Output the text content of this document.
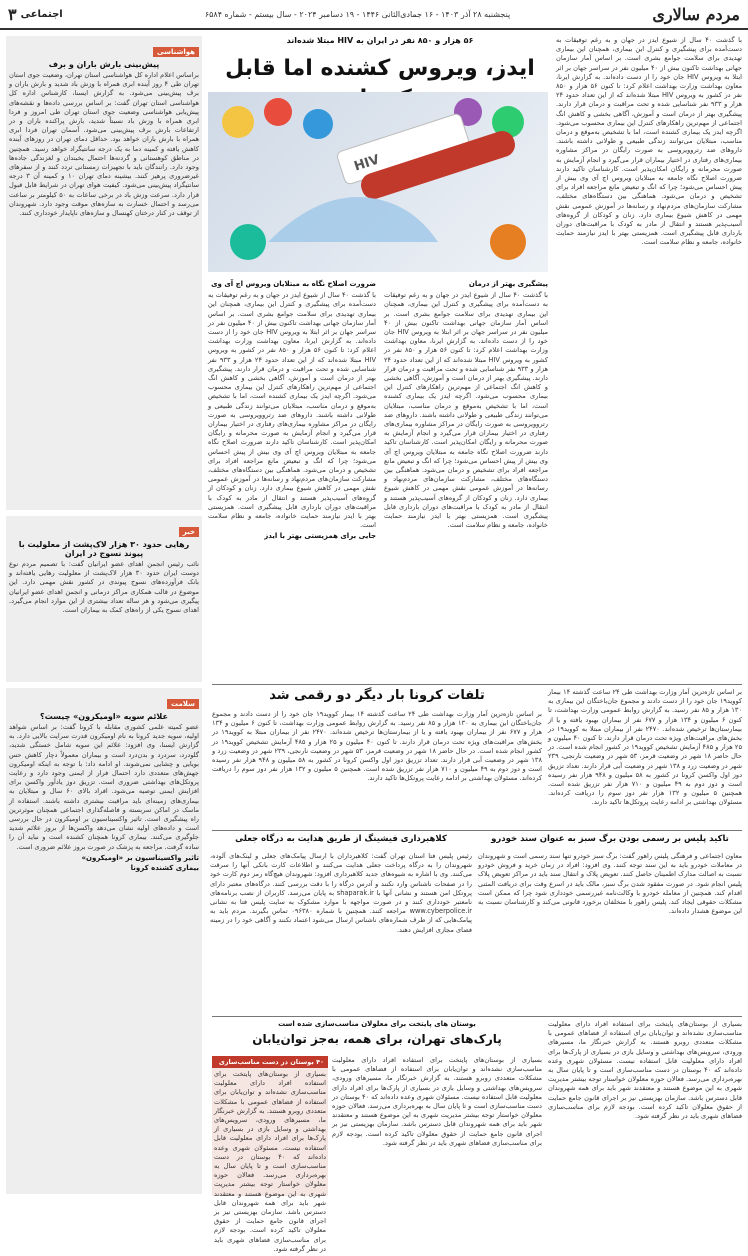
مردم سالاری
پنجشنبه ۲۸ آذر ۱۴۰۳ - ۱۶ جمادی‌الثانی ۱۴۴۶ - ۱۹ دسامبر ۲۰۲۴ - سال بیستم - شماره ۶۵۸۴
اجتماعی
۳
۵۶ هزار و ۸۵۰ نفر در ایران به HIV مبتلا شده‌اند
ایدز، ویروس کشنده اما قابل
HIV
با گذشت ۴۰ سال از شیوع ایدز در جهان و به رغم توفیقات به دست‌آمده برای پیشگیری و کنترل این بیماری، همچنان این بیماری تهدیدی برای سلامت جوامع بشری است. بر اساس آمار سازمان جهانی بهداشت تاکنون بیش از ۴۰ میلیون نفر در سراسر جهان بر اثر ابتلا به ویروس HIV جان خود را از دست داده‌اند. به گزارش ایرنا، معاون بهداشت وزارت بهداشت اعلام کرد: تا کنون ۵۶ هزار و ۸۵۰ نفر در کشور به ویروس HIV مبتلا شده‌اند که از این تعداد حدود ۲۴ هزار و ۹۳۳ نفر شناسایی شده و تحت مراقبت و درمان قرار دارند. پیشگیری بهتر از درمان است و آموزش، آگاهی بخشی و کاهش انگ اجتماعی از مهم‌ترین راهکارهای کنترل این بیماری محسوب می‌شود. اگرچه ایدز یک بیماری کشنده است، اما با تشخیص به‌موقع و درمان مناسب، مبتلایان می‌توانند زندگی طبیعی و طولانی داشته باشند. داروهای ضد رتروویروسی به صورت رایگان در مراکز مشاوره بیماری‌های رفتاری در اختیار بیماران قرار می‌گیرد و انجام آزمایش به صورت محرمانه و رایگان امکان‌پذیر است. کارشناسان تاکید دارند ضرورت اصلاح نگاه جامعه به مبتلایان ویروس اچ آی وی بیش از پیش احساس می‌شود؛ چرا که انگ و تبعیض مانع مراجعه افراد برای تشخیص و درمان می‌شود. هماهنگی بین دستگاه‌های مختلف، مشارکت سازمان‌های مردم‌نهاد و رسانه‌ها در آموزش عمومی نقش مهمی در کاهش شیوع بیماری دارد. زنان و کودکان از گروه‌های آسیب‌پذیر هستند و انتقال از مادر به کودک با مراقبت‌های دوران بارداری قابل پیشگیری است. همزیستی بهتر با ایدز نیازمند حمایت خانواده، جامعه و نظام سلامت است.
پیشگیری بهتر از درمان
با گذشت ۴۰ سال از شیوع ایدز در جهان و به رغم توفیقات به دست‌آمده برای پیشگیری و کنترل این بیماری، همچنان این بیماری تهدیدی برای سلامت جوامع بشری است. بر اساس آمار سازمان جهانی بهداشت تاکنون بیش از ۴۰ میلیون نفر در سراسر جهان بر اثر ابتلا به ویروس HIV جان خود را از دست داده‌اند. به گزارش ایرنا، معاون بهداشت وزارت بهداشت اعلام کرد: تا کنون ۵۶ هزار و ۸۵۰ نفر در کشور به ویروس HIV مبتلا شده‌اند که از این تعداد حدود ۲۴ هزار و ۹۳۳ نفر شناسایی شده و تحت مراقبت و درمان قرار دارند. پیشگیری بهتر از درمان است و آموزش، آگاهی بخشی و کاهش انگ اجتماعی از مهم‌ترین راهکارهای کنترل این بیماری محسوب می‌شود. اگرچه ایدز یک بیماری کشنده است، اما با تشخیص به‌موقع و درمان مناسب، مبتلایان می‌توانند زندگی طبیعی و طولانی داشته باشند. داروهای ضد رتروویروسی به صورت رایگان در مراکز مشاوره بیماری‌های رفتاری در اختیار بیماران قرار می‌گیرد و انجام آزمایش به صورت محرمانه و رایگان امکان‌پذیر است. کارشناسان تاکید دارند ضرورت اصلاح نگاه جامعه به مبتلایان ویروس اچ آی وی بیش از پیش احساس می‌شود؛ چرا که انگ و تبعیض مانع مراجعه افراد برای تشخیص و درمان می‌شود. هماهنگی بین دستگاه‌های مختلف، مشارکت سازمان‌های مردم‌نهاد و رسانه‌ها در آموزش عمومی نقش مهمی در کاهش شیوع بیماری دارد. زنان و کودکان از گروه‌های آسیب‌پذیر هستند و انتقال از مادر به کودک با مراقبت‌های دوران بارداری قابل پیشگیری است. همزیستی بهتر با ایدز نیازمند حمایت خانواده، جامعه و نظام سلامت است.
ضرورت اصلاح نگاه به مبتلایان ویروس اچ آی وی
با گذشت ۴۰ سال از شیوع ایدز در جهان و به رغم توفیقات به دست‌آمده برای پیشگیری و کنترل این بیماری، همچنان این بیماری تهدیدی برای سلامت جوامع بشری است. بر اساس آمار سازمان جهانی بهداشت تاکنون بیش از ۴۰ میلیون نفر در سراسر جهان بر اثر ابتلا به ویروس HIV جان خود را از دست داده‌اند. به گزارش ایرنا، معاون بهداشت وزارت بهداشت اعلام کرد: تا کنون ۵۶ هزار و ۸۵۰ نفر در کشور به ویروس HIV مبتلا شده‌اند که از این تعداد حدود ۲۴ هزار و ۹۳۳ نفر شناسایی شده و تحت مراقبت و درمان قرار دارند. پیشگیری بهتر از درمان است و آموزش، آگاهی بخشی و کاهش انگ اجتماعی از مهم‌ترین راهکارهای کنترل این بیماری محسوب می‌شود. اگرچه ایدز یک بیماری کشنده است، اما با تشخیص به‌موقع و درمان مناسب، مبتلایان می‌توانند زندگی طبیعی و طولانی داشته باشند. داروهای ضد رتروویروسی به صورت رایگان در مراکز مشاوره بیماری‌های رفتاری در اختیار بیماران قرار می‌گیرد و انجام آزمایش به صورت محرمانه و رایگان امکان‌پذیر است. کارشناسان تاکید دارند ضرورت اصلاح نگاه جامعه به مبتلایان ویروس اچ آی وی بیش از پیش احساس می‌شود؛ چرا که انگ و تبعیض مانع مراجعه افراد برای تشخیص و درمان می‌شود. هماهنگی بین دستگاه‌های مختلف، مشارکت سازمان‌های مردم‌نهاد و رسانه‌ها در آموزش عمومی نقش مهمی در کاهش شیوع بیماری دارد. زنان و کودکان از گروه‌های آسیب‌پذیر هستند و انتقال از مادر به کودک با مراقبت‌های دوران بارداری قابل پیشگیری است. همزیستی بهتر با ایدز نیازمند حمایت خانواده، جامعه و نظام سلامت است.
جایی برای همزیستی بهتر با ایدز
هواشناسی
پیش‌بینی بارش باران و برف
براساس اعلام اداره کل هواشناسی استان تهران، وضعیت جوی استان تهران طی ۴ روز آینده ابری همراه با وزش باد شدید و بارش باران و برف پیش‌بینی می‌شود. به گزارش ایسنا، کارشناس اداره کل هواشناسی استان تهران گفت: بر اساس بررسی داده‌ها و نقشه‌های پیش‌یابی هواشناسی وضعیت جوی استان تهران طی امروز و فردا ابری همراه با وزش باد نسبتاً شدید، بارش پراکنده باران و در ارتفاعات بارش برف پیش‌بینی می‌شود. آسمان تهران فردا ابری همراه با بارش باران خواهد بود. حداقل دمای تهران در روزهای آینده کاهش یافته و کمینه دما به یک درجه سانتیگراد خواهد رسید. همچنین در مناطق کوهستانی و گردنه‌ها احتمال یخبندان و لغزندگی جاده‌ها وجود دارد. رانندگان باید با تجهیزات زمستانی تردد کنند و از سفرهای غیرضروری پرهیز کنند. بیشینه دمای تهران ۱۰ و کمینه آن ۳ درجه سانتیگراد پیش‌بینی می‌شود. کیفیت هوای تهران در شرایط قابل قبول قرار دارد. سرعت وزش باد در برخی ساعات به ۵۰ کیلومتر بر ساعت می‌رسد و احتمال خسارت به سازه‌های موقت وجود دارد. شهروندان از توقف در کنار درختان کهنسال و سازه‌های ناپایدار خودداری کنند.
خبر
رهایی حدود ۳۰ هزار لاک‌پشت از معلولیت با پیوند نسوج در ایران
نائب رئیس انجمن اهدای عضو ایرانیان گفت: با تصمیم مردم نوع دوست ایران حدود ۳۰ هزار لاک‌پشت از معلولیت رهایی یافته‌اند و بانک فرآورده‌های نسوج پیوندی در کشور نقش مهمی دارد. این موضوع در قالب همکاری مراکز درمانی و انجمن اهدای عضو ایرانیان پیگیری می‌شود و هر ساله تعداد بیشتری از این موارد انجام می‌گیرد. اهدای نسوج یکی از راه‌های کمک به بیماران است.
سلامت
علائم سویه «اومیکرون» چیست؟
عضو کمیته علمی کشوری مقابله با کرونا گفت: بر اساس شواهد اولیه، سویه جدید کرونا به نام اومیکرون قدرت سرایت بالایی دارد. به گزارش ایسنا، وی افزود: علائم این سویه شامل خستگی شدید، گلودرد، سردرد و بدن‌درد است و بیماران معمولاً دچار کاهش حس بویایی و چشایی نمی‌شوند. او ادامه داد: با توجه به اینکه اومیکرون جهش‌های متعددی دارد احتمال فرار از ایمنی وجود دارد و رعایت پروتکل‌های بهداشتی ضروری است. تزریق دوز یادآور واکسن برای افزایش ایمنی توصیه می‌شود. افراد بالای ۶۰ سال و مبتلایان به بیماری‌های زمینه‌ای باید مراقبت بیشتری داشته باشند. استفاده از ماسک در اماکن سربسته و فاصله‌گذاری اجتماعی همچنان موثرترین راه پیشگیری است. تاثیر واکسیناسیون بر اومیکرون در حال بررسی است و داده‌های اولیه نشان می‌دهد واکسن‌ها از بروز علائم شدید جلوگیری می‌کنند. بیماری کرونا همچنان کشنده است و نباید آن را ساده گرفت. مراجعه به پزشک در صورت بروز علائم ضروری است.
تاثیر واکسیناسیون بر «اومیکرون»
بیماری کشنده کرونا
تلفات کرونا بار دیگر دو رقمی شد
بر اساس تازه‌ترین آمار وزارت بهداشت طی ۲۴ ساعت گذشته ۱۴ بیمار کووید۱۹ جان خود را از دست دادند و مجموع جان‌باختگان این بیماری به ۱۳۰ هزار و ۸۵ نفر رسید. به گزارش روابط عمومی وزارت بهداشت، تا کنون ۶ میلیون و ۱۳۴ هزار و ۶۷۷ نفر از بیماران بهبود یافته و یا از بیمارستان‌ها ترخیص شده‌اند. ۲۴۷۰ نفر از بیماران مبتلا به کووید۱۹ در بخش‌های مراقبت‌های ویژه تحت درمان قرار دارند. تا کنون ۴۰ میلیون و ۲۵ هزار و ۴۸۵ آزمایش تشخیص کووید۱۹ در کشور انجام شده است. در حال حاضر ۱۸ شهر در وضعیت قرمز، ۵۳ شهر در وضعیت نارنجی، ۲۳۹ شهر در وضعیت زرد و ۱۳۸ شهر در وضعیت آبی قرار دارند. تعداد تزریق دوز اول واکسن کرونا در کشور به ۵۸ میلیون و ۹۴۸ هزار نفر رسیده است و دوز دوم به ۴۹ میلیون و ۷۱۰ هزار نفر تزریق شده است. همچنین ۵ میلیون و ۱۳۲ هزار نفر دوز سوم را دریافت کرده‌اند. مسئولان بهداشتی بر ادامه رعایت پروتکل‌ها تاکید دارند.
بر اساس تازه‌ترین آمار وزارت بهداشت طی ۲۴ ساعت گذشته ۱۴ بیمار کووید۱۹ جان خود را از دست دادند و مجموع جان‌باختگان این بیماری به ۱۳۰ هزار و ۸۵ نفر رسید. به گزارش روابط عمومی وزارت بهداشت، تا کنون ۶ میلیون و ۱۳۴ هزار و ۶۷۷ نفر از بیماران بهبود یافته و یا از بیمارستان‌ها ترخیص شده‌اند. ۲۴۷۰ نفر از بیماران مبتلا به کووید۱۹ در بخش‌های مراقبت‌های ویژه تحت درمان قرار دارند. تا کنون ۴۰ میلیون و ۲۵ هزار و ۴۸۵ آزمایش تشخیص کووید۱۹ در کشور انجام شده است. در حال حاضر ۱۸ شهر در وضعیت قرمز، ۵۳ شهر در وضعیت نارنجی، ۲۳۹ شهر در وضعیت زرد و ۱۳۸ شهر در وضعیت آبی قرار دارند. تعداد تزریق دوز اول واکسن کرونا در کشور به ۵۸ میلیون و ۹۴۸ هزار نفر رسیده است و دوز دوم به ۴۹ میلیون و ۷۱۰ هزار نفر تزریق شده است. همچنین ۵ میلیون و ۱۳۲ هزار نفر دوز سوم را دریافت کرده‌اند. مسئولان بهداشتی بر ادامه رعایت پروتکل‌ها تاکید دارند.
تاکید پلیس بر رسمی بودن برگ سبز به عنوان سند خودرو
معاون اجتماعی و فرهنگی پلیس راهور گفت: برگ سبز خودرو تنها سند رسمی است و شهروندان در معاملات خودرو باید به این سند توجه کنند. وی افزود: افراد در زمان خرید و فروش خودرو نسبت به اصالت مدارک اطمینان حاصل کنند. تعویض پلاک و انتقال سند باید در مراکز تعویض پلاک پلیس انجام شود. در صورت مفقود شدن برگ سبز، مالک باید در اسرع وقت برای دریافت المثنی اقدام کند. همچنین از معامله خودرو با وکالت‌نامه غیررسمی خودداری شود چرا که ممکن است مشکلات حقوقی ایجاد کند. پلیس راهور با متخلفان برخورد قانونی می‌کند و کارشناسان نسبت به این موضوع هشدار داده‌اند.
کلاهبرداری فیشینگ از طریق هدایت به درگاه جعلی
رئیس پلیس فتا استان تهران گفت: کلاهبرداران با ارسال پیامک‌های جعلی و لینک‌های آلوده، شهروندان را به درگاه پرداخت جعلی هدایت می‌کنند و اطلاعات کارت بانکی آنها را سرقت می‌کنند. وی با اشاره به شیوه‌های جدید کلاهبرداری افزود: شهروندان هیچ‌گاه رمز دوم کارت خود را در صفحات ناشناس وارد نکنند و آدرس درگاه را با دقت بررسی کنند. درگاه‌های معتبر دارای پروتکل امن هستند و نشانی آنها با shaparak.ir به پایان می‌رسد. کاربران از نصب برنامه‌های نامعتبر خودداری کنند و در صورت مواجهه با موارد مشکوک به سایت پلیس فتا به نشانی www.cyberpolice.ir مراجعه کنند. همچنین با شماره ۰۹۶۳۸۰ تماس بگیرند. مردم باید به پیامک‌هایی که از طرف شماره‌های ناشناس ارسال می‌شود اعتماد نکنند و آگاهی خود را در زمینه فضای مجازی افزایش دهند.
بوستان های پایتخت برای معلولان مناسب‌سازی شده است
پارک‌های تهران، برای همه، به‌جز توان‌یابان
بسیاری از بوستان‌های پایتخت برای استفاده افراد دارای معلولیت مناسب‌سازی نشده‌اند و توان‌یابان برای استفاده از فضاهای عمومی با مشکلات متعددی روبرو هستند. به گزارش خبرنگار ما، مسیرهای ورودی، سرویس‌های بهداشتی و وسایل بازی در بسیاری از پارک‌ها برای افراد دارای معلولیت قابل استفاده نیست. مسئولان شهری وعده داده‌اند که ۴۰ بوستان در دست مناسب‌سازی است و تا پایان سال به بهره‌برداری می‌رسد. فعالان حوزه معلولان خواستار توجه بیشتر مدیریت شهری به این موضوع هستند و معتقدند شهر باید برای همه شهروندان قابل دسترس باشد. سازمان بهزیستی نیز بر اجرای قانون جامع حمایت از حقوق معلولان تاکید کرده است. بودجه لازم برای مناسب‌سازی فضاهای شهری باید در نظر گرفته شود.
۴۰ بوستان در دست مناسب‌سازی
بسیاری از بوستان‌های پایتخت برای استفاده افراد دارای معلولیت مناسب‌سازی نشده‌اند و توان‌یابان برای استفاده از فضاهای عمومی با مشکلات متعددی روبرو هستند. به گزارش خبرنگار ما، مسیرهای ورودی، سرویس‌های بهداشتی و وسایل بازی در بسیاری از پارک‌ها برای افراد دارای معلولیت قابل استفاده نیست. مسئولان شهری وعده داده‌اند که ۴۰ بوستان در دست مناسب‌سازی است و تا پایان سال به بهره‌برداری می‌رسد. فعالان حوزه معلولان خواستار توجه بیشتر مدیریت شهری به این موضوع هستند و معتقدند شهر باید برای همه شهروندان قابل دسترس باشد. سازمان بهزیستی نیز بر اجرای قانون جامع حمایت از حقوق معلولان تاکید کرده است. بودجه لازم برای مناسب‌سازی فضاهای شهری باید در نظر گرفته شود.
بسیاری از بوستان‌های پایتخت برای استفاده افراد دارای معلولیت مناسب‌سازی نشده‌اند و توان‌یابان برای استفاده از فضاهای عمومی با مشکلات متعددی روبرو هستند. به گزارش خبرنگار ما، مسیرهای ورودی، سرویس‌های بهداشتی و وسایل بازی در بسیاری از پارک‌ها برای افراد دارای معلولیت قابل استفاده نیست. مسئولان شهری وعده داده‌اند که ۴۰ بوستان در دست مناسب‌سازی است و تا پایان سال به بهره‌برداری می‌رسد. فعالان حوزه معلولان خواستار توجه بیشتر مدیریت شهری به این موضوع هستند و معتقدند شهر باید برای همه شهروندان قابل دسترس باشد. سازمان بهزیستی نیز بر اجرای قانون جامع حمایت از حقوق معلولان تاکید کرده است. بودجه لازم برای مناسب‌سازی فضاهای شهری باید در نظر گرفته شود.
